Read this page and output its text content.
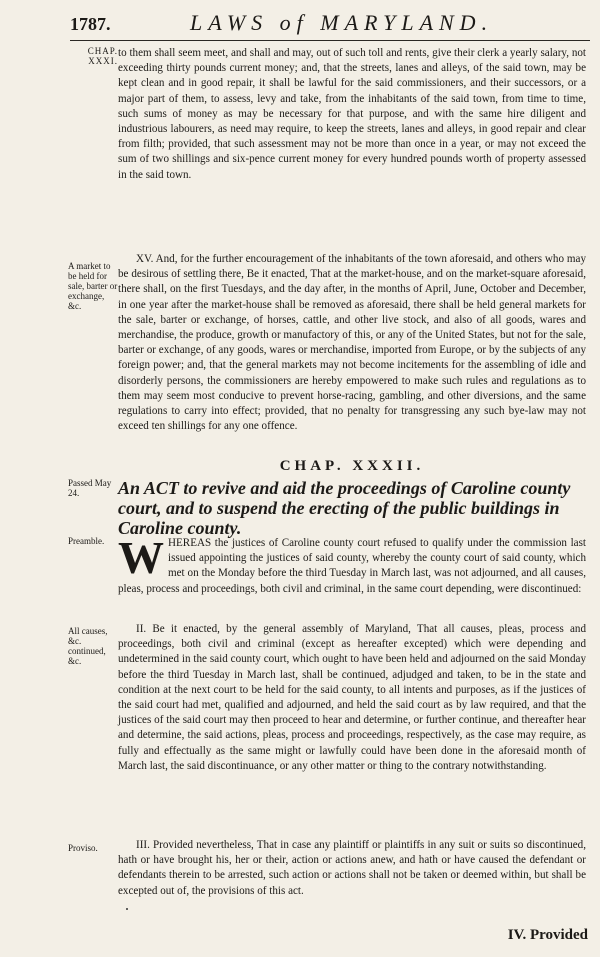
1787.	LAWS of MARYLAND.
CHAP. XXXI.
to them shall seem meet, and shall and may, out of such toll and rents, give their clerk a yearly salary, not exceeding thirty pounds current money; and, that the streets, lanes and alleys, of the said town, may be kept clean and in good repair, it shall be lawful for the said commissioners, and their successors, or a major part of them, to assess, levy and take, from the inhabitants of the said town, from time to time, such sums of money as may be necessary for that purpose, and with the same hire diligent and industrious labourers, as need may require, to keep the streets, lanes and alleys, in good repair and clear from filth; provided, that such assessment may not be more than once in a year, or may not exceed the sum of two shillings and six-pence current money for every hundred pounds worth of property assessed in the said town.
A market to be held for sale, barter or exchange, &c.
XV. And, for the further encouragement of the inhabitants of the town aforesaid, and others who may be desirous of settling there, Be it enacted, That at the market-house, and on the market-square aforesaid, there shall, on the first Tuesdays, and the day after, in the months of April, June, October and December, in one year after the market-house shall be removed as aforesaid, there shall be held general markets for the sale, barter or exchange, of horses, cattle, and other live stock, and also of all goods, wares and merchandise, the produce, growth or manufactory of this, or any of the United States, but not for the sale, barter or exchange, of any goods, wares or merchandise, imported from Europe, or by the subjects of any foreign power; and, that the general markets may not become incitements for the assembling of idle and disorderly persons, the commissioners are hereby empowered to make such rules and regulations as to them may seem most conducive to prevent horse-racing, gambling, and other diversions, and the same regulations to carry into effect; provided, that no penalty for transgressing any such bye-law may not exceed ten shillings for any one offence.
CHAP. XXXII.
Passed May 24.	An ACT to revive and aid the proceedings of Caroline county court, and to suspend the erecting of the public buildings in Caroline county.
Preamble. WHEREAS the justices of Caroline county court refused to qualify under the commission last issued appointing the justices of said county, whereby the county court of said county, which met on the Monday before the third Tuesday in March last, was not adjourned, and all causes, pleas, process and proceedings, both civil and criminal, in the same court depending, were discontinued:
All causes, &c. continued, &c.
II. Be it enacted, by the general assembly of Maryland, That all causes, pleas, process and proceedings, both civil and criminal (except as hereafter excepted) which were depending and undetermined in the said county court, which ought to have been held and adjourned on the said Monday before the third Tuesday in March last, shall be continued, adjudged and taken, to be in the state and condition at the next court to be held for the said county, to all intents and purposes, as if the justices of the said court had met, qualified and adjourned, and held the said court as by law required, and that the justices of the said court may then proceed to hear and determine, or further continue, and thereafter hear and determine, the said actions, pleas, process and proceedings, respectively, as the case may require, as fully and effectually as the same might or lawfully could have been done in the aforesaid month of March last, the said discontinuance, or any other matter or thing to the contrary notwithstanding.
Proviso.	III. Provided nevertheless, That in case any plaintiff or plaintiffs in any suit or suits so discontinued, hath or have brought his, her or their, action or actions anew, and hath or have caused the defendant or defendants therein to be arrested, such action or actions shall not be taken or deemed within, but shall be excepted out of, the provisions of this act.
IV. Provided
